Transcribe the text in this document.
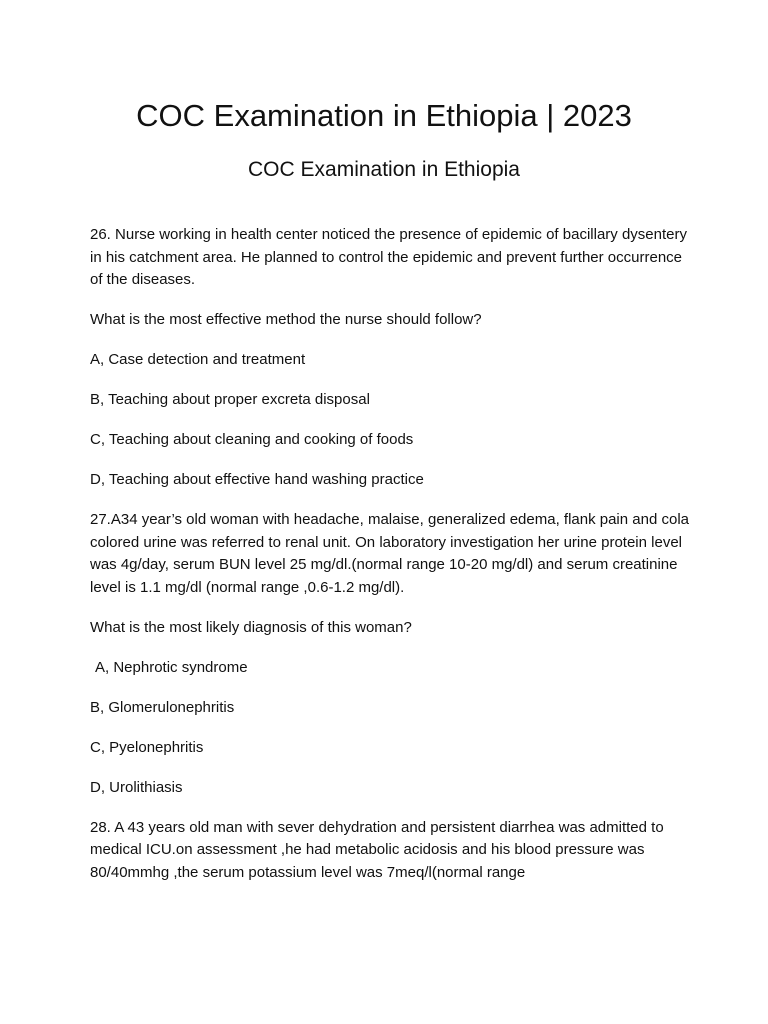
COC Examination in Ethiopia | 2023
COC Examination in Ethiopia

26. Nurse working in health center noticed the presence of epidemic of bacillary dysentery in his catchment area. He planned to control the epidemic and prevent further occurrence of the diseases.

What is the most effective method the nurse should follow?

A, Case detection and treatment

B, Teaching about proper excreta disposal

C, Teaching about cleaning and cooking of foods

D, Teaching about effective hand washing practice

27.A34 year’s old woman with headache, malaise, generalized edema, flank pain and cola colored urine was referred to renal unit. On laboratory investigation her urine protein level was 4g/day, serum BUN level 25 mg/dl.(normal range 10-20 mg/dl) and serum creatinine level is 1.1 mg/dl (normal range ,0.6-1.2 mg/dl).

What is the most likely diagnosis of this woman?

A, Nephrotic syndrome

B, Glomerulonephritis

C, Pyelonephritis

D, Urolithiasis

28. A 43 years old man with sever dehydration and persistent diarrhea was admitted to medical ICU.on assessment ,he had metabolic acidosis and his blood pressure was 80/40mmhg ,the serum potassium level was 7meq/l(normal range
